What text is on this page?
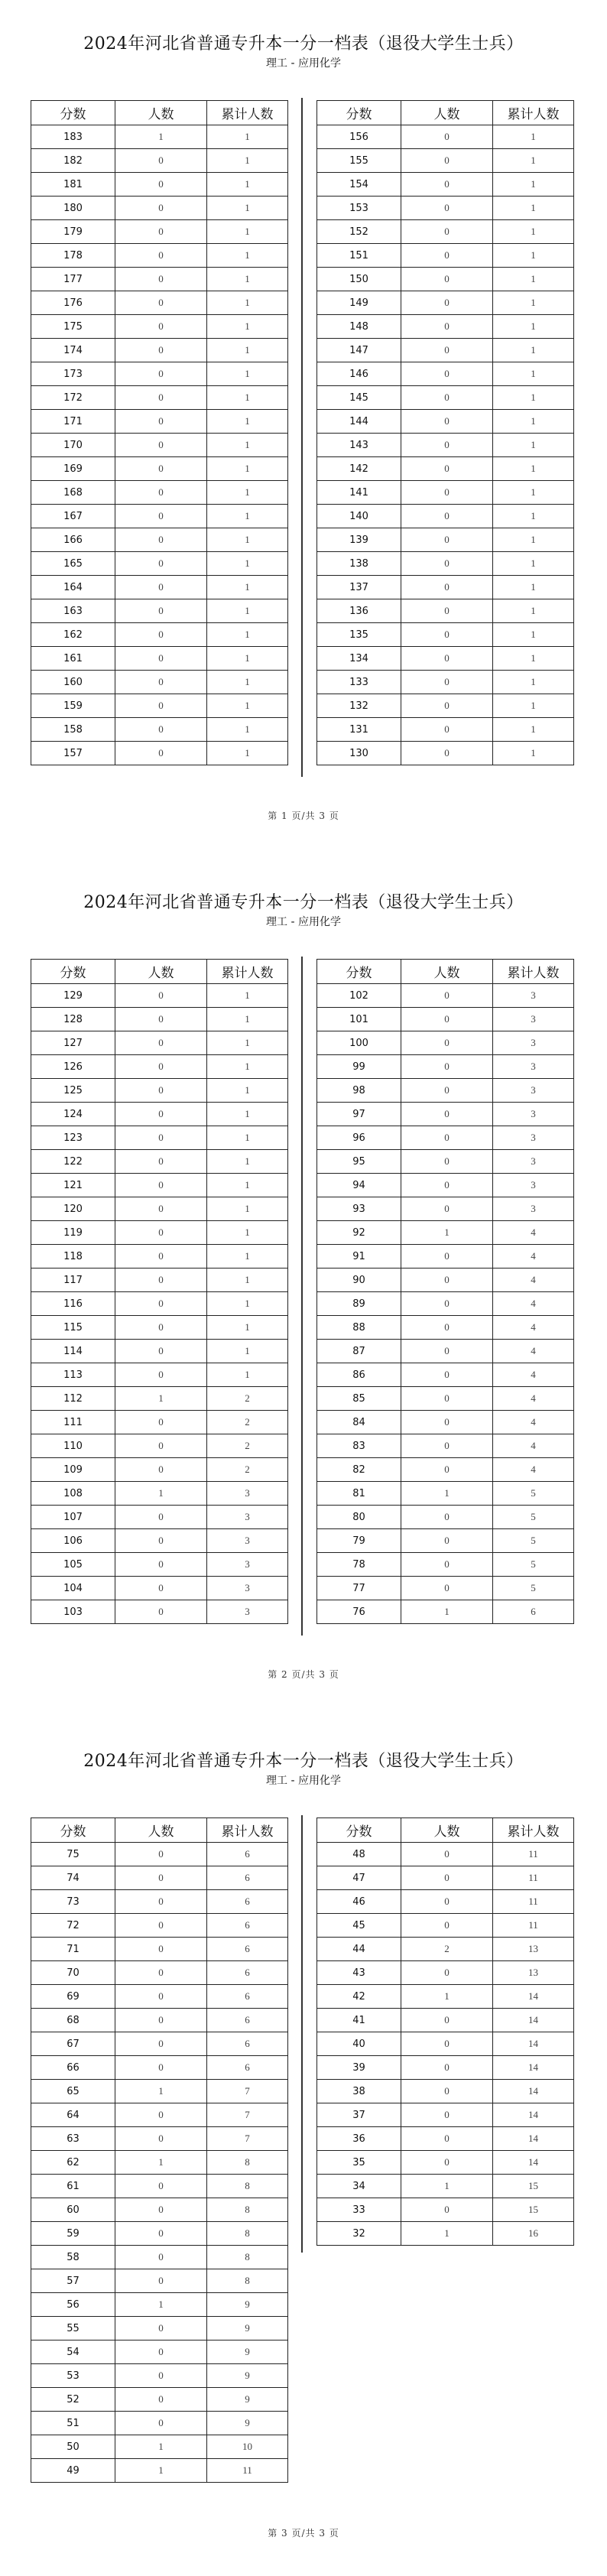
2024年河北省普通专升本一分一档表（退役大学生士兵）
理工 - 应用化学
分数	人数	累计人数
183	1	1
182	0	1
181	0	1
180	0	1
179	0	1
178	0	1
177	0	1
176	0	1
175	0	1
174	0	1
173	0	1
172	0	1
171	0	1
170	0	1
169	0	1
168	0	1
167	0	1
166	0	1
165	0	1
164	0	1
163	0	1
162	0	1
161	0	1
160	0	1
159	0	1
158	0	1
157	0	1
分数	人数	累计人数
156	0	1
155	0	1
154	0	1
153	0	1
152	0	1
151	0	1
150	0	1
149	0	1
148	0	1
147	0	1
146	0	1
145	0	1
144	0	1
143	0	1
142	0	1
141	0	1
140	0	1
139	0	1
138	0	1
137	0	1
136	0	1
135	0	1
134	0	1
133	0	1
132	0	1
131	0	1
130	0	1
第 1 页/共 3 页
2024年河北省普通专升本一分一档表（退役大学生士兵）
理工 - 应用化学
分数	人数	累计人数
129	0	1
128	0	1
127	0	1
126	0	1
125	0	1
124	0	1
123	0	1
122	0	1
121	0	1
120	0	1
119	0	1
118	0	1
117	0	1
116	0	1
115	0	1
114	0	1
113	0	1
112	1	2
111	0	2
110	0	2
109	0	2
108	1	3
107	0	3
106	0	3
105	0	3
104	0	3
103	0	3
分数	人数	累计人数
102	0	3
101	0	3
100	0	3
99	0	3
98	0	3
97	0	3
96	0	3
95	0	3
94	0	3
93	0	3
92	1	4
91	0	4
90	0	4
89	0	4
88	0	4
87	0	4
86	0	4
85	0	4
84	0	4
83	0	4
82	0	4
81	1	5
80	0	5
79	0	5
78	0	5
77	0	5
76	1	6
第 2 页/共 3 页
2024年河北省普通专升本一分一档表（退役大学生士兵）
理工 - 应用化学
分数	人数	累计人数
75	0	6
74	0	6
73	0	6
72	0	6
71	0	6
70	0	6
69	0	6
68	0	6
67	0	6
66	0	6
65	1	7
64	0	7
63	0	7
62	1	8
61	0	8
60	0	8
59	0	8
58	0	8
57	0	8
56	1	9
55	0	9
54	0	9
53	0	9
52	0	9
51	0	9
50	1	10
49	1	11
分数	人数	累计人数
48	0	11
47	0	11
46	0	11
45	0	11
44	2	13
43	0	13
42	1	14
41	0	14
40	0	14
39	0	14
38	0	14
37	0	14
36	0	14
35	0	14
34	1	15
33	0	15
32	1	16
第 3 页/共 3 页
